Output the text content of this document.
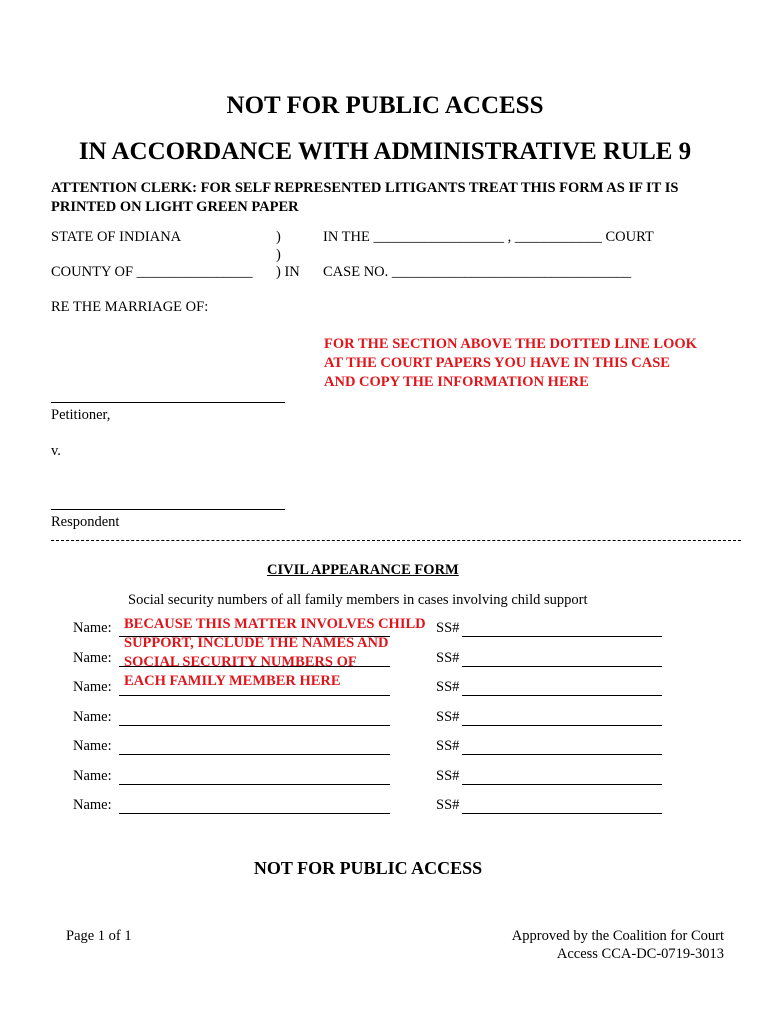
NOT FOR PUBLIC ACCESS
IN ACCORDANCE WITH ADMINISTRATIVE RULE 9
ATTENTION CLERK: FOR SELF REPRESENTED LITIGANTS TREAT THIS FORM AS IF IT IS
PRINTED ON LIGHT GREEN PAPER
STATE OF INDIANA	)
)
IN THE __________________ , ____________ COURT
COUNTY OF ________________ ) IN CASE NO. _________________________________
RE THE MARRIAGE OF:
FOR THE SECTION ABOVE THE DOTTED LINE LOOK
AT THE COURT PAPERS YOU HAVE IN THIS CASE
AND COPY THE INFORMATION HERE
Petitioner,
v.
Respondent
CIVIL APPEARANCE FORM
Social security numbers of all family members in cases involving child support
Name:	SS#
Name:	SS#
Name:	SS#
Name:	SS#
Name:	SS#
Name:	SS#
Name:	SS#
BECAUSE THIS MATTER INVOLVES CHILD
SUPPORT, INCLUDE THE NAMES AND
SOCIAL SECURITY NUMBERS OF
EACH FAMILY MEMBER HERE
NOT FOR PUBLIC ACCESS
Page 1 of 1	Approved by the Coalition for Court
Access CCA-DC-0719-3013
